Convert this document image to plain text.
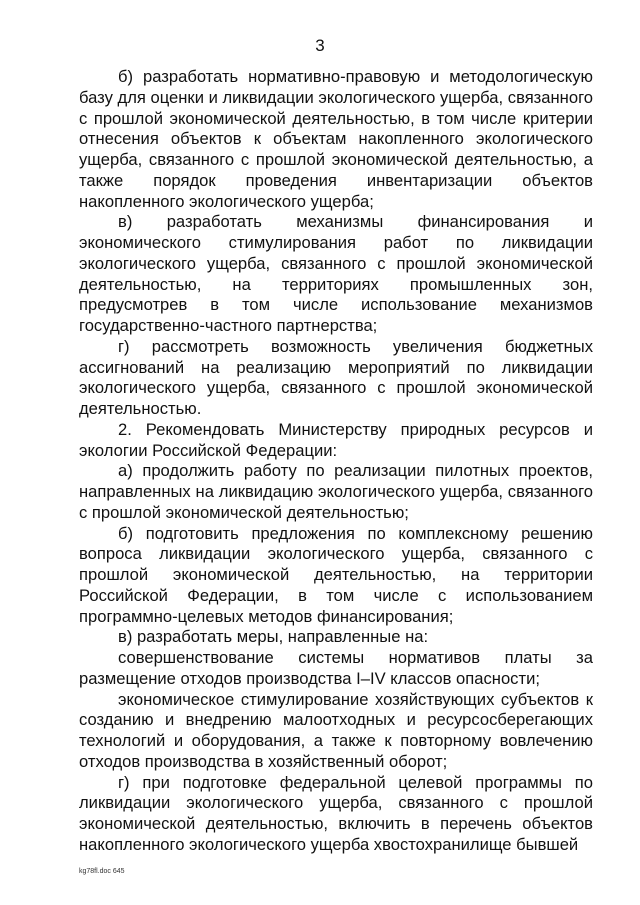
3

б) разработать нормативно-правовую и методологическую базу для оценки и ликвидации экологического ущерба, связанного с прошлой экономической деятельностью, в том числе критерии отнесения объектов к объектам накопленного экологического ущерба, связанного с прошлой экономической деятельностью, а также порядок проведения инвентаризации объектов накопленного экологического ущерба;

в) разработать механизмы финансирования и экономического стимулирования работ по ликвидации экологического ущерба, связанного с прошлой экономической деятельностью, на территориях промышленных зон, предусмотрев в том числе использование механизмов государственно-частного партнерства;

г) рассмотреть возможность увеличения бюджетных ассигнований на реализацию мероприятий по ликвидации экологического ущерба, связанного с прошлой экономической деятельностью.

2. Рекомендовать Министерству природных ресурсов и экологии Российской Федерации:

а) продолжить работу по реализации пилотных проектов, направленных на ликвидацию экологического ущерба, связанного с прошлой экономической деятельностью;

б) подготовить предложения по комплексному решению вопроса ликвидации экологического ущерба, связанного с прошлой экономической деятельностью, на территории Российской Федерации, в том числе с использованием программно-целевых методов финансирования;

в) разработать меры, направленные на:

совершенствование системы нормативов платы за размещение отходов производства I–IV классов опасности;

экономическое стимулирование хозяйствующих субъектов к созданию и внедрению малоотходных и ресурсосберегающих технологий и оборудования, а также к повторному вовлечению отходов производства в хозяйственный оборот;

г) при подготовке федеральной целевой программы по ликвидации экологического ущерба, связанного с прошлой экономической деятельностью, включить в перечень объектов накопленного экологического ущерба хвостохранилище бывшей

kg78fl.doc 645
